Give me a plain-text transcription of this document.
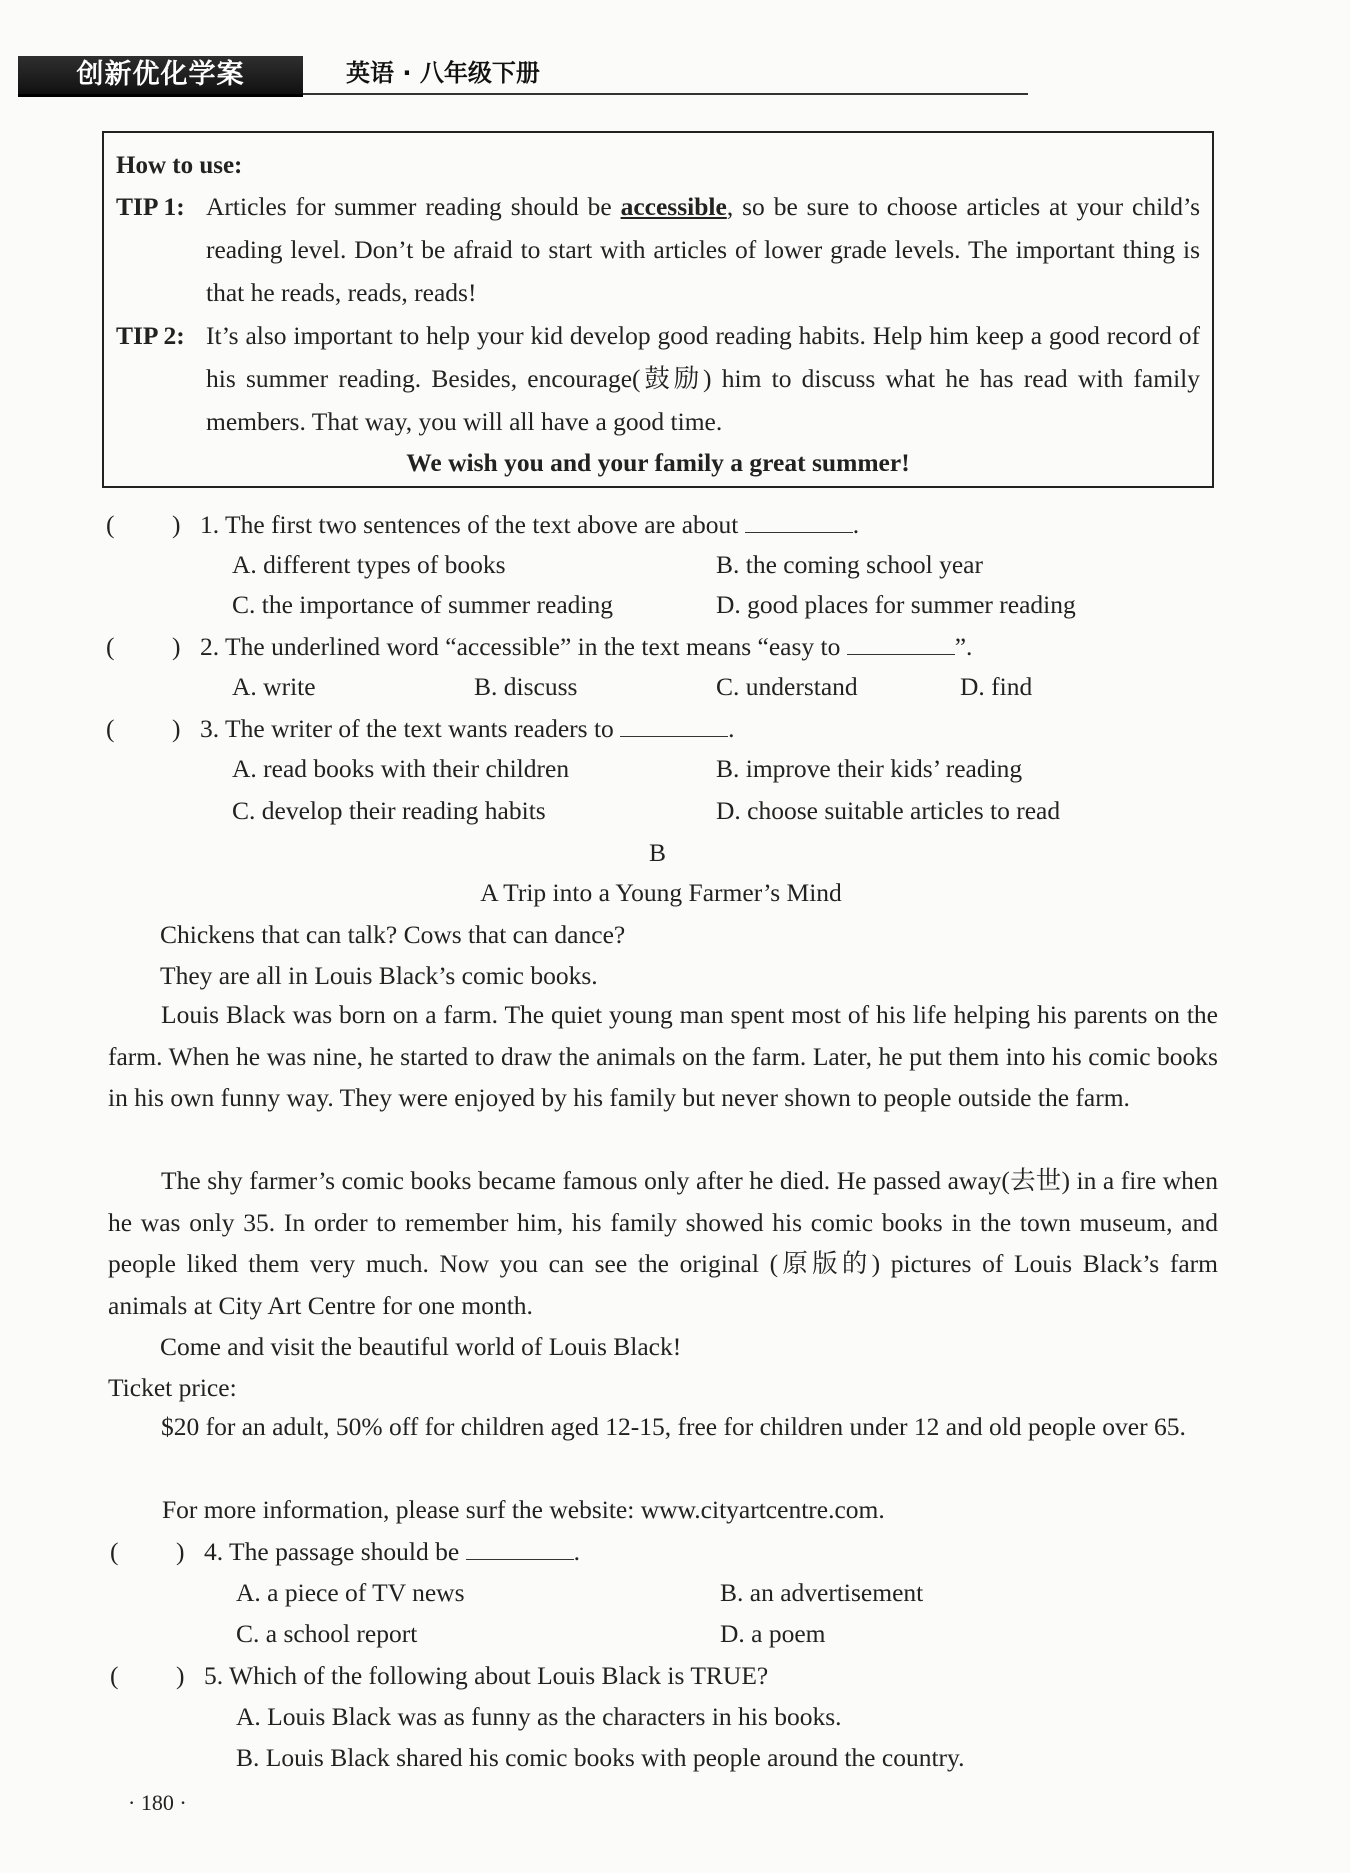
创新优化学案	英语 · 八年级下册
How to use:
TIP 1: Articles for summer reading should be accessible, so be sure to choose articles at your child’s reading level. Don’t be afraid to start with articles of lower grade levels. The important thing is that he reads, reads, reads!
TIP 2: It’s also important to help your kid develop good reading habits. Help him keep a good record of his summer reading. Besides, encourage(鼓励) him to discuss what he has read with family members. That way, you will all have a good time.
We wish you and your family a great summer!
( ) 1. The first two sentences of the text above are about	.
A. different types of books	B. the coming school year
C. the importance of summer reading	D. good places for summer reading
( ) 2. The underlined word “accessible” in the text means “easy to	”.
A. write	B. discuss	C. understand	D. find
( ) 3. The writer of the text wants readers to	.
A. read books with their children	B. improve their kids’ reading
C. develop their reading habits	D. choose suitable articles to read
B
A Trip into a Young Farmer’s Mind
Chickens that can talk? Cows that can dance?
They are all in Louis Black’s comic books.

Louis Black was born on a farm. The quiet young man spent most of his life helping his parents on the farm. When he was nine, he started to draw the animals on the farm. Later, he put them into his comic books in his own funny way. They were enjoyed by his family but never shown to people outside the farm.

The shy farmer’s comic books became famous only after he died. He passed away(去世) in a fire when he was only 35. In order to remember him, his family showed his comic books in the town museum, and people liked them very much. Now you can see the original (原版的) pictures of Louis Black’s farm animals at City Art Centre for one month.

Come and visit the beautiful world of Louis Black!
Ticket price:

$20 for an adult, 50% off for children aged 12-15, free for children under 12 and old people over 65.

For more information, please surf the website: www.cityartcentre.com.
( ) 4. The passage should be	.
A. a piece of TV news	B. an advertisement
C. a school report	D. a poem
( ) 5. Which of the following about Louis Black is TRUE?
A. Louis Black was as funny as the characters in his books.
B. Louis Black shared his comic books with people around the country.
· 180 ·
